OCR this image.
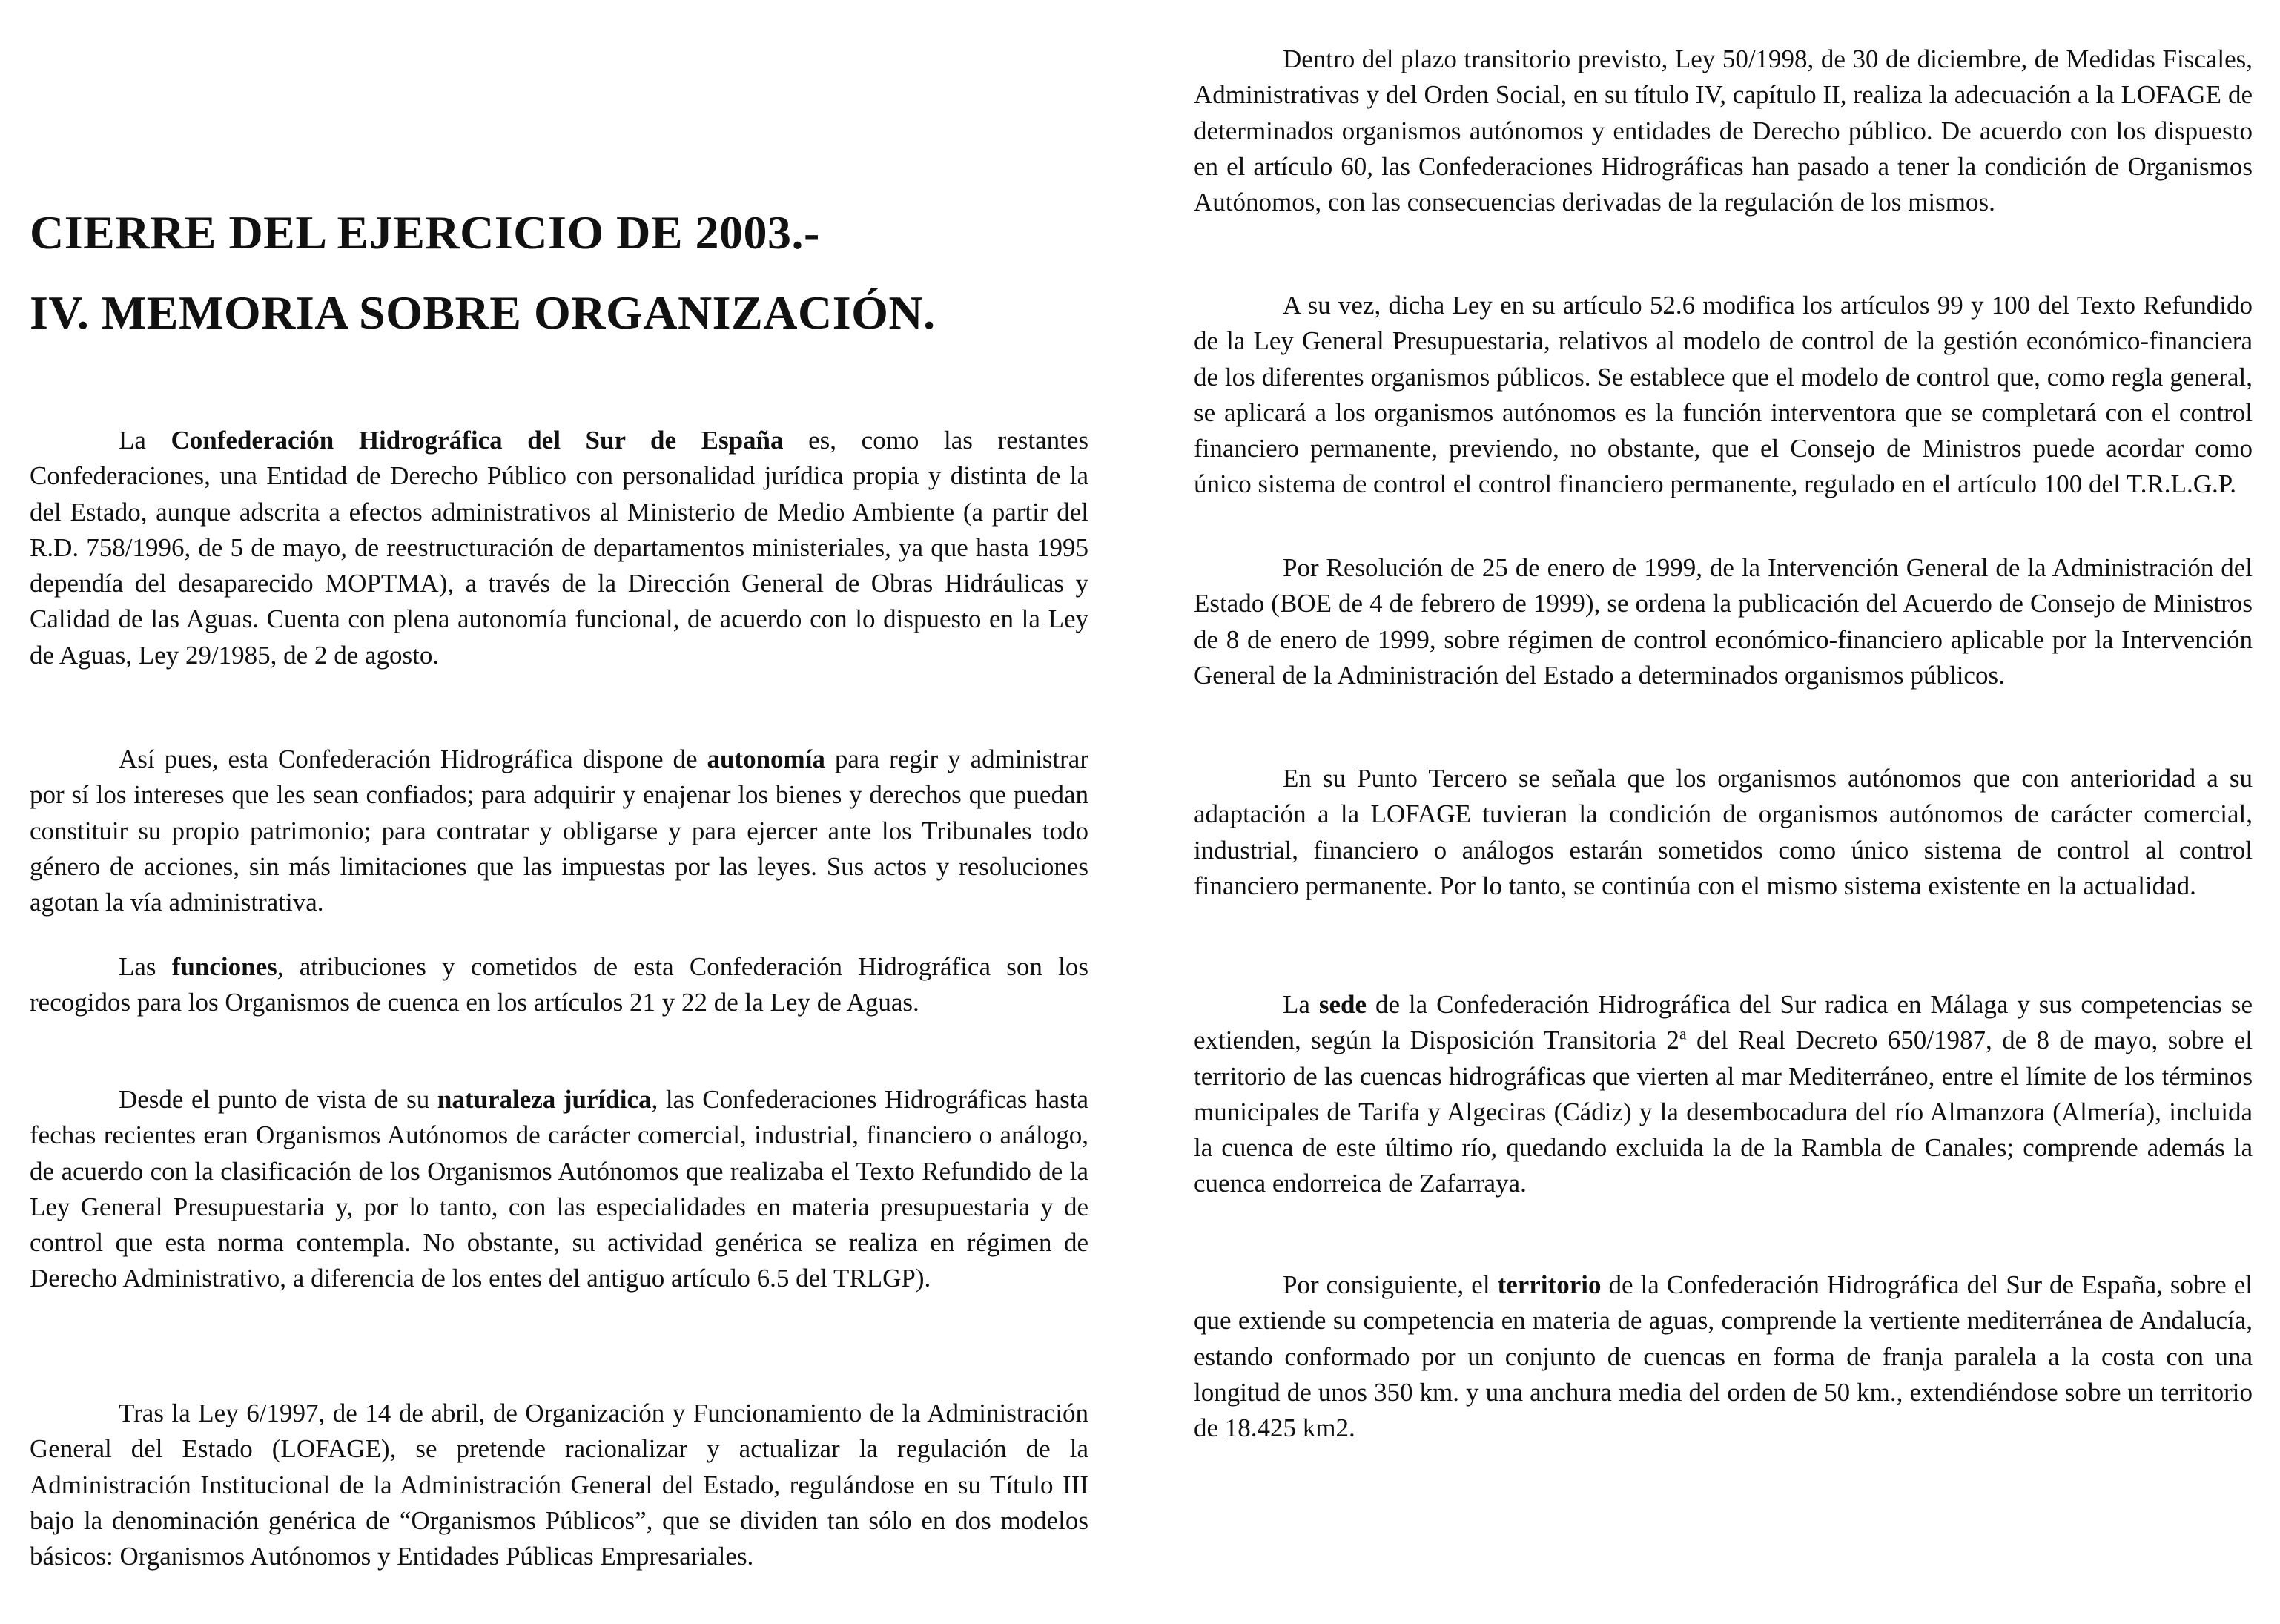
CIERRE DEL EJERCICIO DE 2003.-
IV. MEMORIA SOBRE ORGANIZACIÓN.

La Confederación Hidrográfica del Sur de España es, como las restantes Confederaciones, una Entidad de Derecho Público con personalidad jurídica propia y distinta de la del Estado, aunque adscrita a efectos administrativos al Ministerio de Medio Ambiente (a partir del R.D. 758/1996, de 5 de mayo, de reestructuración de departamentos ministeriales, ya que hasta 1995 dependía del desaparecido MOPTMA), a través de la Dirección General de Obras Hidráulicas y Calidad de las Aguas. Cuenta con plena autonomía funcional, de acuerdo con lo dispuesto en la Ley de Aguas, Ley 29/1985, de 2 de agosto.

Así pues, esta Confederación Hidrográfica dispone de autonomía para regir y administrar por sí los intereses que les sean confiados; para adquirir y enajenar los bienes y derechos que puedan constituir su propio patrimonio; para contratar y obligarse y para ejercer ante los Tribunales todo género de acciones, sin más limitaciones que las impuestas por las leyes. Sus actos y resoluciones agotan la vía administrativa.

Las funciones, atribuciones y cometidos de esta Confederación Hidrográfica son los recogidos para los Organismos de cuenca en los artículos 21 y 22 de la Ley de Aguas.

Desde el punto de vista de su naturaleza jurídica, las Confederaciones Hidrográficas hasta fechas recientes eran Organismos Autónomos de carácter comercial, industrial, financiero o análogo, de acuerdo con la clasificación de los Organismos Autónomos que realizaba el Texto Refundido de la Ley General Presupuestaria y, por lo tanto, con las especialidades en materia presupuestaria y de control que esta norma contempla. No obstante, su actividad genérica se realiza en régimen de Derecho Administrativo, a diferencia de los entes del antiguo artículo 6.5 del TRLGP).

Tras la Ley 6/1997, de 14 de abril, de Organización y Funcionamiento de la Administración General del Estado (LOFAGE), se pretende racionalizar y actualizar la regulación de la Administración Institucional de la Administración General del Estado, regulándose en su Título III bajo la denominación genérica de “Organismos Públicos”, que se dividen tan sólo en dos modelos básicos: Organismos Autónomos y Entidades Públicas Empresariales.

Dentro del plazo transitorio previsto, Ley 50/1998, de 30 de diciembre, de Medidas Fiscales, Administrativas y del Orden Social, en su título IV, capítulo II, realiza la adecuación a la LOFAGE de determinados organismos autónomos y entidades de Derecho público. De acuerdo con los dispuesto en el artículo 60, las Confederaciones Hidrográficas han pasado a tener la condición de Organismos Autónomos, con las consecuencias derivadas de la regulación de los mismos.

A su vez, dicha Ley en su artículo 52.6 modifica los artículos 99 y 100 del Texto Refundido de la Ley General Presupuestaria, relativos al modelo de control de la gestión económico-financiera de los diferentes organismos públicos. Se establece que el modelo de control que, como regla general, se aplicará a los organismos autónomos es la función interventora que se completará con el control financiero permanente, previendo, no obstante, que el Consejo de Ministros puede acordar como único sistema de control el control financiero permanente, regulado en el artículo 100 del T.R.L.G.P.

Por Resolución de 25 de enero de 1999, de la Intervención General de la Administración del Estado (BOE de 4 de febrero de 1999), se ordena la publicación del Acuerdo de Consejo de Ministros de 8 de enero de 1999, sobre régimen de control económico-financiero aplicable por la Intervención General de la Administración del Estado a determinados organismos públicos.

En su Punto Tercero se señala que los organismos autónomos que con anterioridad a su adaptación a la LOFAGE tuvieran la condición de organismos autónomos de carácter comercial, industrial, financiero o análogos estarán sometidos como único sistema de control al control financiero permanente. Por lo tanto, se continúa con el mismo sistema existente en la actualidad.

La sede de la Confederación Hidrográfica del Sur radica en Málaga y sus competencias se extienden, según la Disposición Transitoria 2$^a$ del Real Decreto 650/1987, de 8 de mayo, sobre el territorio de las cuencas hidrográficas que vierten al mar Mediterráneo, entre el límite de los términos municipales de Tarifa y Algeciras (Cádiz) y la desembocadura del río Almanzora (Almería), incluida la cuenca de este último río, quedando excluida la de la Rambla de Canales; comprende además la cuenca endorreica de Zafarraya.

Por consiguiente, el territorio de la Confederación Hidrográfica del Sur de España, sobre el que extiende su competencia en materia de aguas, comprende la vertiente mediterránea de Andalucía, estando conformado por un conjunto de cuencas en forma de franja paralela a la costa con una longitud de unos 350 km. y una anchura media del orden de 50 km., extendiéndose sobre un territorio de 18.425 km2.
